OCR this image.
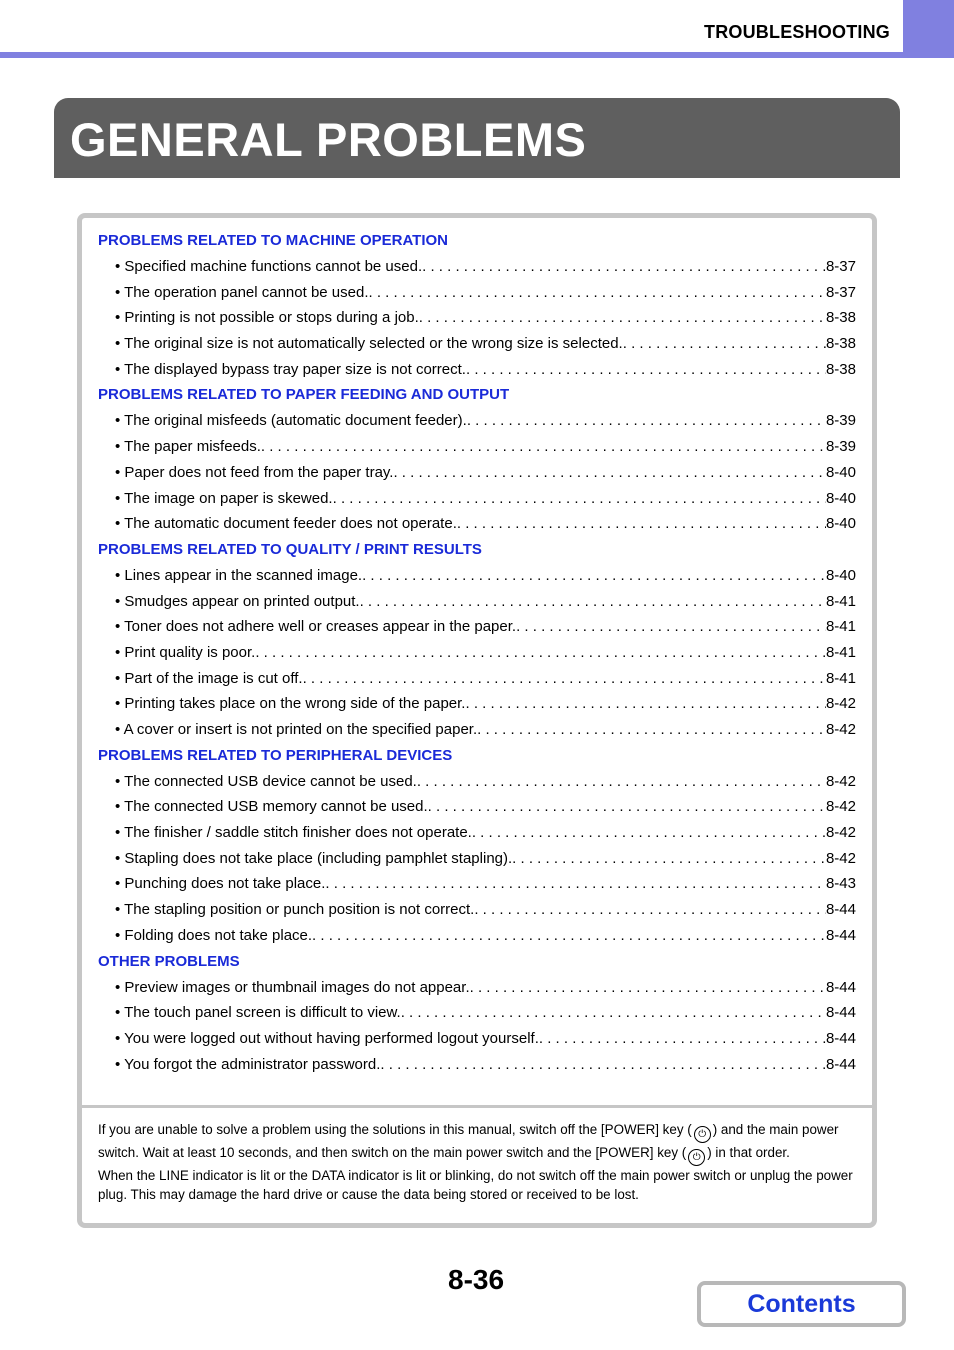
TROUBLESHOOTING
GENERAL PROBLEMS
PROBLEMS RELATED TO MACHINE OPERATION
• Specified machine functions cannot be used. . . .	8-37
• The operation panel cannot be used. . . .	8-37
• Printing is not possible or stops during a job. . . .	8-38
• The original size is not automatically selected or the wrong size is selected. . . .	8-38
• The displayed bypass tray paper size is not correct. . . .	8-38
PROBLEMS RELATED TO PAPER FEEDING AND OUTPUT
• The original misfeeds (automatic document feeder). . . .	8-39
• The paper misfeeds. . . .	8-39
• Paper does not feed from the paper tray. . . .	8-40
• The image on paper is skewed. . . .	8-40
• The automatic document feeder does not operate. . . .	8-40
PROBLEMS RELATED TO QUALITY / PRINT RESULTS
• Lines appear in the scanned image. . . .	8-40
• Smudges appear on printed output. . . .	8-41
• Toner does not adhere well or creases appear in the paper. . . .	8-41
• Print quality is poor. . . .	8-41
• Part of the image is cut off. . . .	8-41
• Printing takes place on the wrong side of the paper. . . .	8-42
• A cover or insert is not printed on the specified paper. . . .	8-42
PROBLEMS RELATED TO PERIPHERAL DEVICES
• The connected USB device cannot be used. . . .	8-42
• The connected USB memory cannot be used. . . .	8-42
• The finisher / saddle stitch finisher does not operate. . . .	8-42
• Stapling does not take place (including pamphlet stapling). . . .	8-42
• Punching does not take place. . . .	8-43
• The stapling position or punch position is not correct. . . .	8-44
• Folding does not take place. . . .	8-44
OTHER PROBLEMS
• Preview images or thumbnail images do not appear. . . .	8-44
• The touch panel screen is difficult to view. . . .	8-44
• You were logged out without having performed logout yourself. . . .	8-44
• You forgot the administrator password. . . .	8-44

If you are unable to solve a problem using the solutions in this manual, switch off the [POWER] key ( ⏻ ) and the main power switch. Wait at least 10 seconds, and then switch on the main power switch and the [POWER] key ( ⏻ ) in that order.

When the LINE indicator is lit or the DATA indicator is lit or blinking, do not switch off the main power switch or unplug the power plug. This may damage the hard drive or cause the data being stored or received to be lost.

8-36
Contents
